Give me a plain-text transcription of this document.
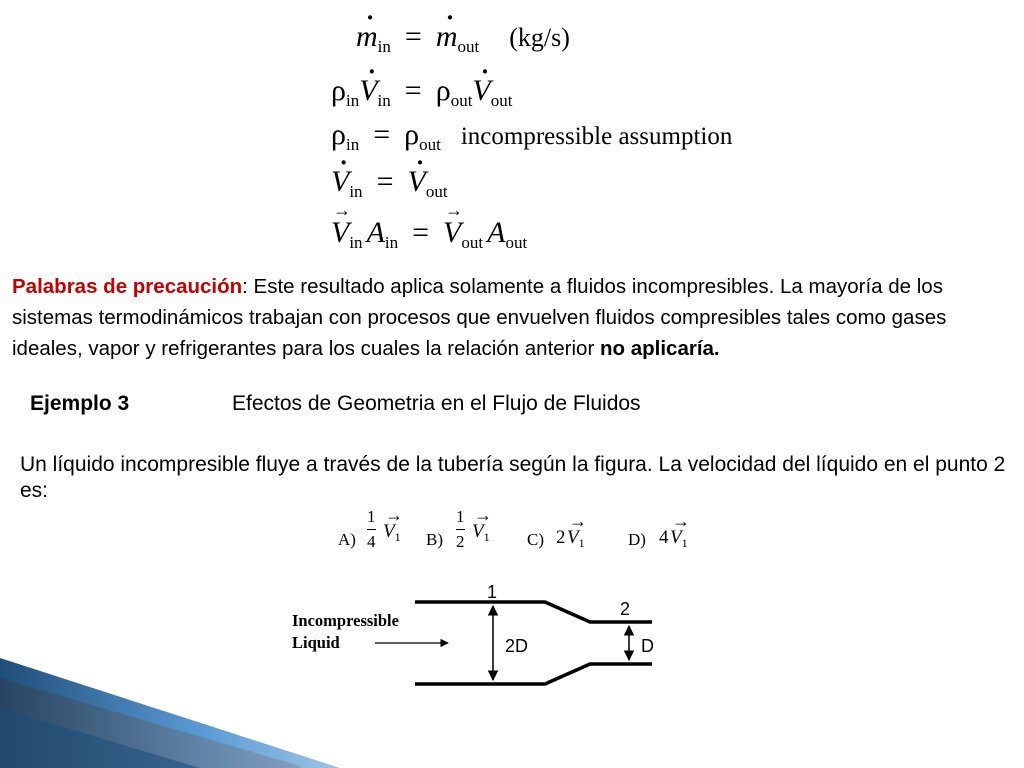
· min = · mout (kg/s)
ρin· Vin = ρout· Vout
ρin = ρout incompressible assumption
· Vin = · Vout
→ Vin Ain = → Vout Aout
Palabras de precaución: Este resultado aplica solamente a fluidos incompresibles. La mayoría de los sistemas termodinámicos trabajan con procesos que envuelven fluidos compresibles tales como gases ideales, vapor y refrigerantes para los cuales la relación anterior no aplicaría.
Ejemplo 3	Efectos de Geometria en el Flujo de Fluidos
Un líquido incompresible fluye a través de la tubería según la figura. La velocidad del líquido en el punto 2 es:
A)
1
4
→ $V_1$ B)
1
2
→ $V_1$ C) 2
→ $V_1$	D) 4
→ $V_1$
Incompressible
Liquid
1
2
2D	D
